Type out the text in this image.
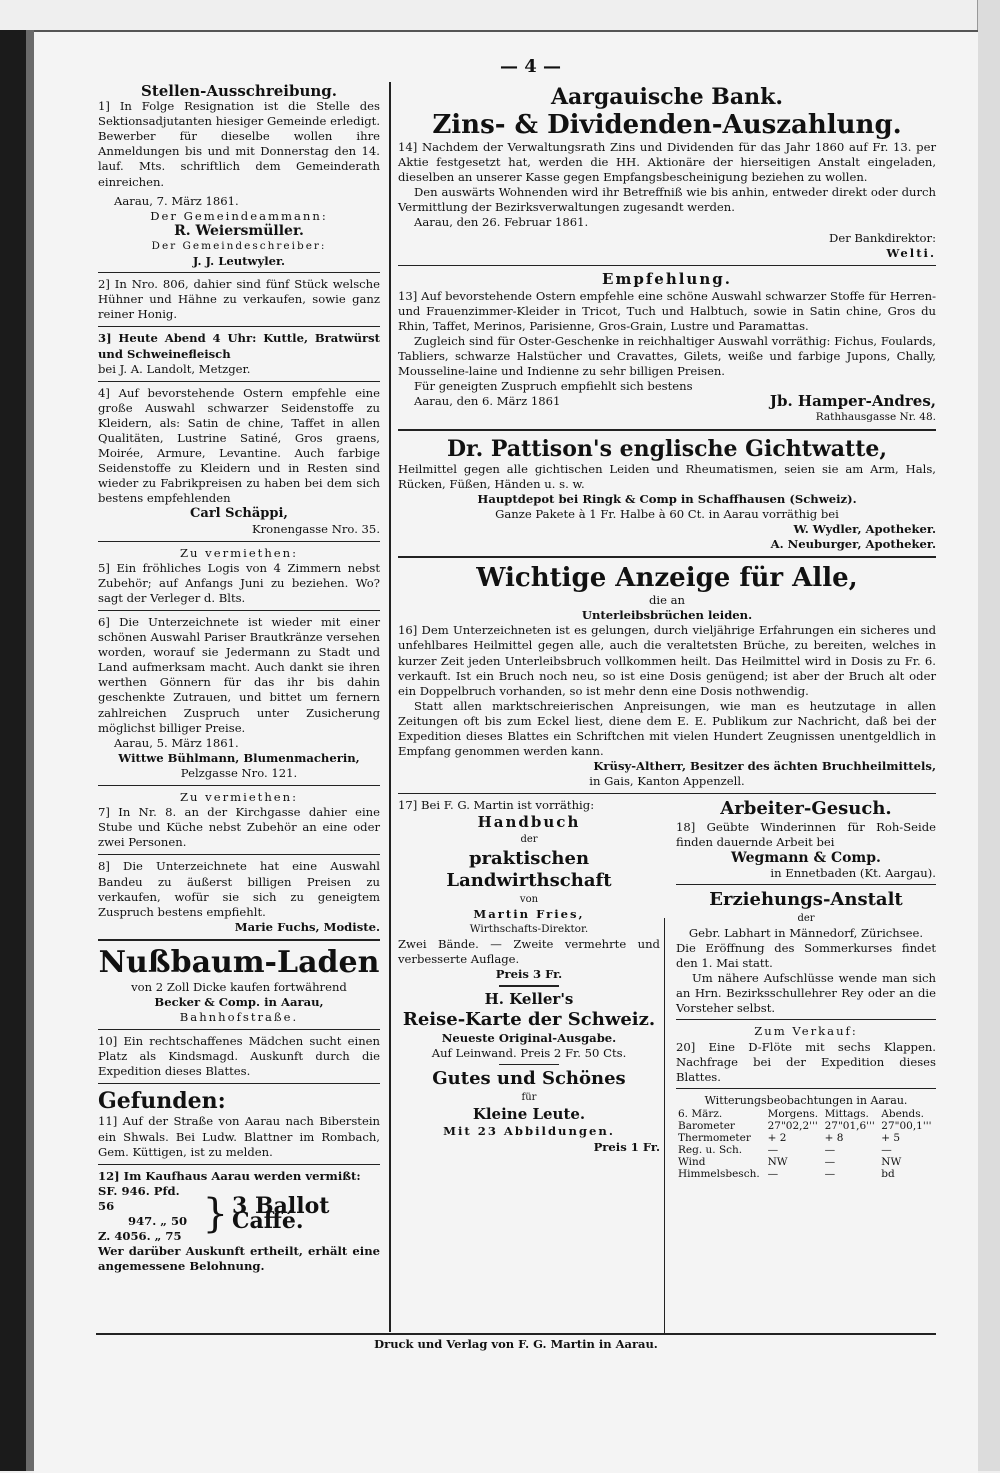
— 4 —
Druck und Verlag von F. G. Martin in Aarau.
Stellen-Ausschreibung.
1] In Folge Resignation ist die Stelle des Sektionsadjutanten hiesiger Gemeinde erledigt. Bewerber für dieselbe wollen ihre Anmeldungen bis und mit Donnerstag den 14. lauf. Mts. schriftlich dem Gemeinderath einreichen.
Aarau, 7. März 1861.
Der Gemeindeammann:
R. Weiersmüller.
Der Gemeindeschreiber:
J. J. Leutwyler.
2] In Nro. 806, dahier sind fünf Stück welsche Hühner und Hähne zu verkaufen, sowie ganz reiner Honig.
3] Heute Abend 4 Uhr: Kuttle, Bratwürst und Schweinefleisch
bei J. A. Landolt, Metzger.
4] Auf bevorstehende Ostern empfehle eine große Auswahl schwarzer Seidenstoffe zu Kleidern, als: Satin de chine, Taffet in allen Qualitäten, Lustrine Satiné, Gros graens, Moirée, Armure, Levantine. Auch farbige Seidenstoffe zu Kleidern und in Resten sind wieder zu Fabrikpreisen zu haben bei dem sich bestens empfehlenden
Carl Schäppi,
Kronengasse Nro. 35.
Zu vermiethen:
5] Ein fröhliches Logis von 4 Zimmern nebst Zubehör; auf Anfangs Juni zu beziehen. Wo? sagt der Verleger d. Blts.
6] Die Unterzeichnete ist wieder mit einer schönen Auswahl Pariser Brautkränze versehen worden, worauf sie Jedermann zu Stadt und Land aufmerksam macht. Auch dankt sie ihren werthen Gönnern für das ihr bis dahin geschenkte Zutrauen, und bittet um fernern zahlreichen Zuspruch unter Zusicherung möglichst billiger Preise.
Aarau, 5. März 1861.
Wittwe Bühlmann, Blumenmacherin,
Pelzgasse Nro. 121.
Zu vermiethen:
7] In Nr. 8. an der Kirchgasse dahier eine Stube und Küche nebst Zubehör an eine oder zwei Personen.
8] Die Unterzeichnete hat eine Auswahl Bandeu zu äußerst billigen Preisen zu verkaufen, wofür sie sich zu geneigtem Zuspruch bestens empfiehlt.
Marie Fuchs, Modiste.
Nußbaum-Laden
von 2 Zoll Dicke kaufen fortwährend
Becker & Comp. in Aarau,
Bahnhofstraße.
10] Ein rechtschaffenes Mädchen sucht einen Platz als Kindsmagd. Auskunft durch die Expedition dieses Blattes.
Gefunden:
11] Auf der Straße von Aarau nach Biberstein ein Shwals. Bei Ludw. Blattner im Rombach, Gem. Küttigen, ist zu melden.
12] Im Kaufhaus Aarau werden vermißt:
SF. 946. Pfd. 56
947. „ 50
Z. 4056. „ 75 } 3 Ballot Caffé.
Wer darüber Auskunft ertheilt, erhält eine angemessene Belohnung.
Aargauische Bank.
Zins- & Dividenden-Auszahlung.
14] Nachdem der Verwaltungsrath Zins und Dividenden für das Jahr 1860 auf Fr. 13. per Aktie festgesetzt hat, werden die HH. Aktionäre der hierseitigen Anstalt eingeladen, dieselben an unserer Kasse gegen Empfangsbescheinigung beziehen zu wollen.
Den auswärts Wohnenden wird ihr Betreffniß wie bis anhin, entweder direkt oder durch Vermittlung der Bezirksverwaltungen zugesandt werden.
Aarau, den 26. Februar 1861.
Der Bankdirektor:
Welti.
Empfehlung.
13] Auf bevorstehende Ostern empfehle eine schöne Auswahl schwarzer Stoffe für Herren- und Frauenzimmer-Kleider in Tricot, Tuch und Halbtuch, sowie in Satin chine, Gros du Rhin, Taffet, Merinos, Parisienne, Gros-Grain, Lustre und Paramattas.
Zugleich sind für Oster-Geschenke in reichhaltiger Auswahl vorräthig: Fichus, Foulards, Tabliers, schwarze Halstücher und Cravattes, Gilets, weiße und farbige Jupons, Chally, Mousseline-laine und Indienne zu sehr billigen Preisen.
Für geneigten Zuspruch empfiehlt sich bestens
Aarau, den 6. März 1861	Jb. Hamper-Andres,
Rathhausgasse Nr. 48.
Dr. Pattison's englische Gichtwatte,
Heilmittel gegen alle gichtischen Leiden und Rheumatismen, seien sie am Arm, Hals, Rücken, Füßen, Händen u. s. w.
Hauptdepot bei Ringk & Comp in Schaffhausen (Schweiz).
Ganze Pakete à 1 Fr. Halbe à 60 Ct. in Aarau vorräthig bei
W. Wydler, Apotheker.
A. Neuburger, Apotheker.
Wichtige Anzeige für Alle,
die an
Unterleibsbrüchen leiden.
16] Dem Unterzeichneten ist es gelungen, durch vieljährige Erfahrungen ein sicheres und unfehlbares Heilmittel gegen alle, auch die veraltetsten Brüche, zu bereiten, welches in kurzer Zeit jeden Unterleibsbruch vollkommen heilt. Das Heilmittel wird in Dosis zu Fr. 6. verkauft. Ist ein Bruch noch neu, so ist eine Dosis genügend; ist aber der Bruch alt oder ein Doppelbruch vorhanden, so ist mehr denn eine Dosis nothwendig.
Statt allen marktschreierischen Anpreisungen, wie man es heutzutage in allen Zeitungen oft bis zum Eckel liest, diene dem E. E. Publikum zur Nachricht, daß bei der Expedition dieses Blattes ein Schriftchen mit vielen Hundert Zeugnissen unentgeldlich in Empfang genommen werden kann.
Krüsy-Altherr, Besitzer des ächten Bruchheilmittels,
in Gais, Kanton Appenzell.
17] Bei F. G. Martin ist vorräthig:
Handbuch
der
praktischen Landwirthschaft
von
Martin Fries,
Wirthschafts-Direktor.
Zwei Bände. — Zweite vermehrte und verbesserte Auflage.
Preis 3 Fr.
H. Keller's
Reise-Karte der Schweiz.
Neueste Original-Ausgabe.
Auf Leinwand. Preis 2 Fr. 50 Cts.
Gutes und Schönes
für
Kleine Leute.
Mit 23 Abbildungen.
Preis 1 Fr.
Arbeiter-Gesuch.
18] Geübte Winderinnen für Roh-Seide finden dauernde Arbeit bei
Wegmann & Comp.
in Ennetbaden (Kt. Aargau).
Erziehungs-Anstalt
der
Gebr. Labhart in Männedorf, Zürichsee.
Die Eröffnung des Sommerkurses findet den 1. Mai statt.
Um nähere Aufschlüsse wende man sich an Hrn. Bezirksschullehrer Rey oder an die Vorsteher selbst.
Zum Verkauf:
20] Eine D-Flöte mit sechs Klappen. Nachfrage bei der Expedition dieses Blattes.
Witterungsbeobachtungen in Aarau.
6. März.	Morgens.	Mittags.	Abends.
Barometer	27"02,2'''	27"01,6'''	27"00,1'''
Thermometer	+ 2	+ 8	+ 5
Reg. u. Sch.	—	—	—
Wind	NW	—	NW
Himmelsbesch.	—	—	bd
